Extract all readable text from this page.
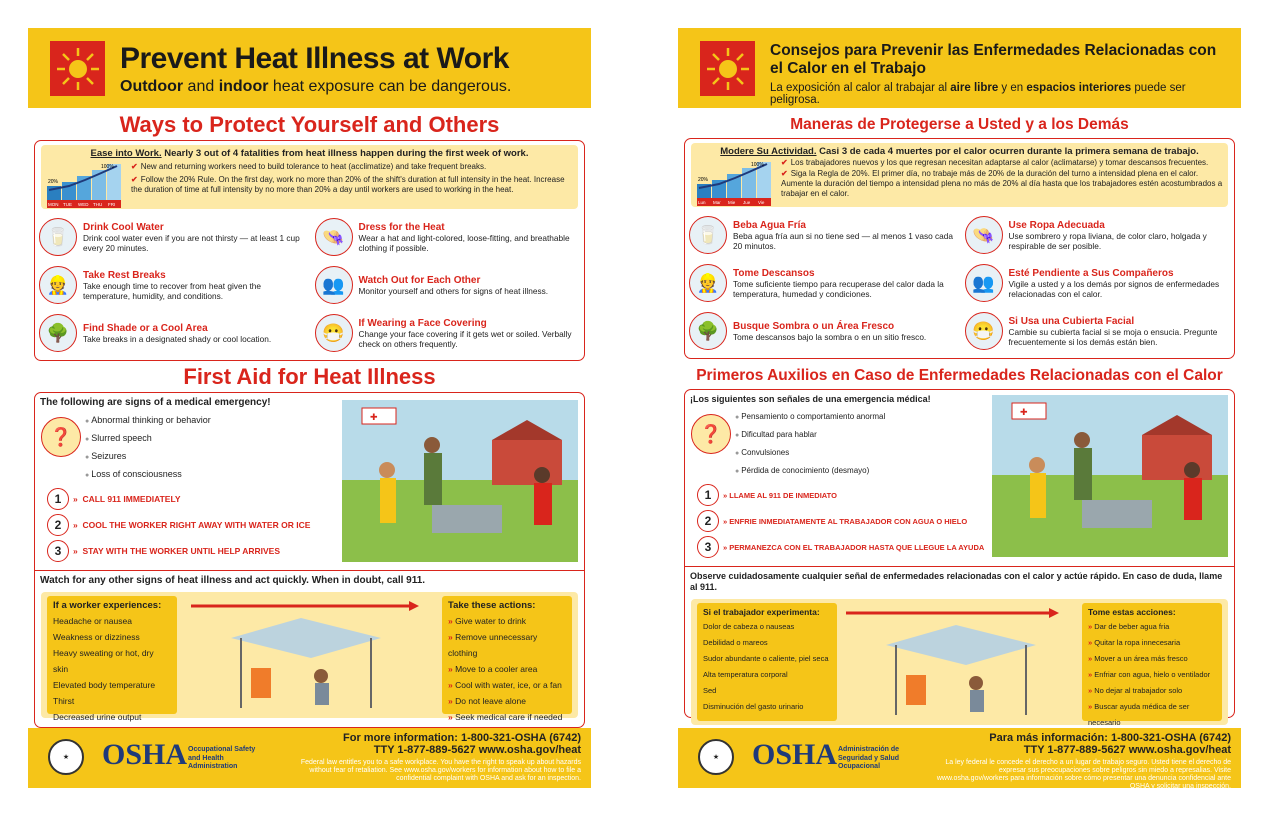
Prevent Heat Illness at Work
Outdoor and indoor heat exposure can be dangerous.
Ways to Protect Yourself and Others
Ease into Work. Nearly 3 out of 4 fatalities from heat illness happen during the first week of work.
20%
100%
MON TUE WED THU FRI
✔ New and returning workers need to build tolerance to heat (acclimatize) and take frequent breaks.
✔ Follow the 20% Rule. On the first day, work no more than 20% of the shift's duration at full intensity in the heat. Increase the duration of time at full intensity by no more than 20% a day until workers are used to working in the heat.
🥛	Drink Cool Water
Drink cool water even if you are not thirsty — at least 1 cup every 20 minutes.
👒	Dress for the Heat
Wear a hat and light-colored, loose-fitting, and breathable clothing if possible.
👷	Take Rest Breaks
Take enough time to recover from heat given the temperature, humidity, and conditions.
👥	Watch Out for Each Other
Monitor yourself and others for signs of heat illness.
🌳	Find Shade or a Cool Area
Take breaks in a designated shady or cool location.	😷	If Wearing a Face Covering
Change your face covering if it gets wet or soiled. Verbally check on others frequently.
First Aid for Heat Illness
The following are signs of a medical emergency!
❓
● Abnormal thinking or behavior
● Slurred speech
● Seizures
● Loss of consciousness
1	» CALL 911 IMMEDIATELY
2	» COOL THE WORKER RIGHT AWAY WITH WATER OR ICE
3	» STAY WITH THE WORKER UNTIL HELP ARRIVES
✚
Watch for any other signs of heat illness and act quickly. When in doubt, call 911.
If a worker experiences:
Headache or nausea
Weakness or dizziness
Heavy sweating or hot, dry skin
Elevated body temperature
Thirst
Decreased urine output
Take these actions:
» Give water to drink
» Remove unnecessary clothing
» Move to a cooler area
» Cool with water, ice, or a fan
» Do not leave alone
» Seek medical care if needed
★	OSHA Occupational Safety and Health Administration
For more information: 1-800-321-OSHA (6742)
TTY 1-877-889-5627 www.osha.gov/heat
Federal law entitles you to a safe workplace. You have the right to speak up about hazards without fear of retaliation. See www.osha.gov/workers for information about how to file a confidential complaint with OSHA and ask for an inspection.
Consejos para Prevenir las Enfermedades Relacionadas con el Calor en el Trabajo
La exposición al calor al trabajar al aire libre y en espacios interiores puede ser peligrosa.
Maneras de Protegerse a Usted y a los Demás
Modere Su Actividad. Casi 3 de cada 4 muertes por el calor ocurren durante la primera semana de trabajo.
20%
100%
Lun Mar Mie Jue Vie
✔ Los trabajadores nuevos y los que regresan necesitan adaptarse al calor (aclimatarse) y tomar descansos frecuentes.
✔ Siga la Regla de 20%. El primer día, no trabaje más de 20% de la duración del turno a intensidad plena en el calor. Aumente la duración del tiempo a intensidad plena no más de 20% al día hasta que los trabajadores estén acostumbrados a trabajar en el calor.
🥛	Beba Agua Fría
Beba agua fría aun si no tiene sed — al menos 1 vaso cada 20 minutos.
👒	Use Ropa Adecuada
Use sombrero y ropa liviana, de color claro, holgada y respirable de ser posible.
👷	Tome Descansos
Tome suficiente tiempo para recuperase del calor dada la temperatura, humedad y condiciones.
👥	Esté Pendiente a Sus Compañeros
Vigile a usted y a los demás por signos de enfermedades relacionadas con el calor.
🌳	Busque Sombra o un Área Fresco
Tome descansos bajo la sombra o en un sitio fresco.	😷	Si Usa una Cubierta Facial
Cambie su cubierta facial si se moja o ensucia. Pregunte frecuentemente si los demás están bien.
Primeros Auxilios en Caso de Enfermedades Relacionadas con el Calor
¡Los siguientes son señales de una emergencia médica!
❓
● Pensamiento o comportamiento anormal
● Dificultad para hablar
● Convulsiones
● Pérdida de conocimiento (desmayo)
1	» LLAME AL 911 DE INMEDIATO
2	» ENFRIE INMEDIATAMENTE AL TRABAJADOR CON AGUA O HIELO
3	» PERMANEZCA CON EL TRABAJADOR HASTA QUE LLEGUE LA AYUDA
✚
Observe cuidadosamente cualquier señal de enfermedades relacionadas con el calor y actúe rápido. En caso de duda, llame al 911.
Si el trabajador experimenta:
Dolor de cabeza o nauseas
Debilidad o mareos
Sudor abundante o caliente, piel seca
Alta temperatura corporal
Sed
Disminución del gasto urinario
Tome estas acciones:
» Dar de beber agua fria
» Quitar la ropa innecesaria
» Mover a un área más fresco
» Enfriar con agua, hielo o ventilador
» No dejar al trabajador solo
» Buscar ayuda médica de ser necesario
★	OSHA Administración de Seguridad y Salud Ocupacional
Para más información: 1-800-321-OSHA (6742)
TTY 1-877-889-5627 www.osha.gov/heat
La ley federal le concede el derecho a un lugar de trabajo seguro. Usted tiene el derecho de expresar sus preocupaciones sobre peligros sin miedo a represalias. Visite www.osha.gov/workers para información sobre cómo presentar una denuncia confidencial ante OSHA y solicitar una inspección.
